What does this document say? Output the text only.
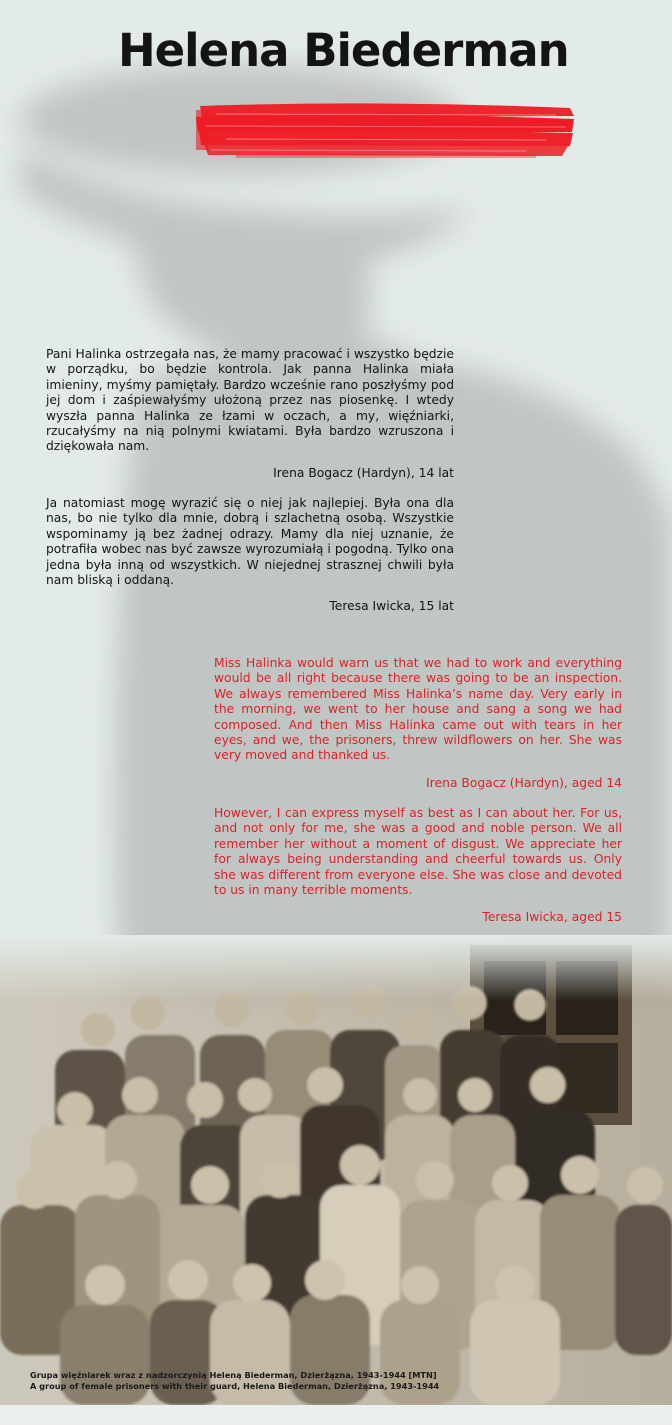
Helena Biederman

Pani Halinka ostrzegała nas, że mamy pracować i wszystko będzie w porządku, bo będzie kontrola. Jak panna Halinka miała imieniny, myśmy pamiętały. Bardzo wcześnie rano poszłyśmy pod jej dom i zaśpiewałyśmy ułożoną przez nas piosenkę. I wtedy wyszła panna Halinka ze łzami w oczach, a my, więźniarki, rzucałyśmy na nią polnymi kwiatami. Była bardzo wzruszona i dziękowała nam.

Irena Bogacz (Hardyn), 14 lat

Ja natomiast mogę wyrazić się o niej jak najlepiej. Była ona dla nas, bo nie tylko dla mnie, dobrą i szlachetną osobą. Wszystkie wspominamy ją bez żadnej odrazy. Mamy dla niej uznanie, że potrafiła wobec nas być zawsze wyrozumiałą i pogodną. Tylko ona jedna była inną od wszystkich. W niejednej strasznej chwili była nam bliską i oddaną.

Teresa Iwicka, 15 lat

Miss Halinka would warn us that we had to work and everything would be all right because there was going to be an inspection. We always remembered Miss Halinka’s name day. Very early in the morning, we went to her house and sang a song we had composed. And then Miss Halinka came out with tears in her eyes, and we, the prisoners, threw wildflowers on her. She was very moved and thanked us.

Irena Bogacz (Hardyn), aged 14

However, I can express myself as best as I can about her. For us, and not only for me, she was a good and noble person. We all remember her without a moment of disgust. We appreciate her for always being understanding and cheerful towards us. Only she was different from everyone else. She was close and devoted to us in many terrible moments.

Teresa Iwicka, aged 15

Grupa więźniarek wraz z nadzorczynią Heleną Biederman, Dzierżązna, 1943-1944 [MTN]
A group of female prisoners with their guard, Helena Biederman, Dzierżązna, 1943-1944
